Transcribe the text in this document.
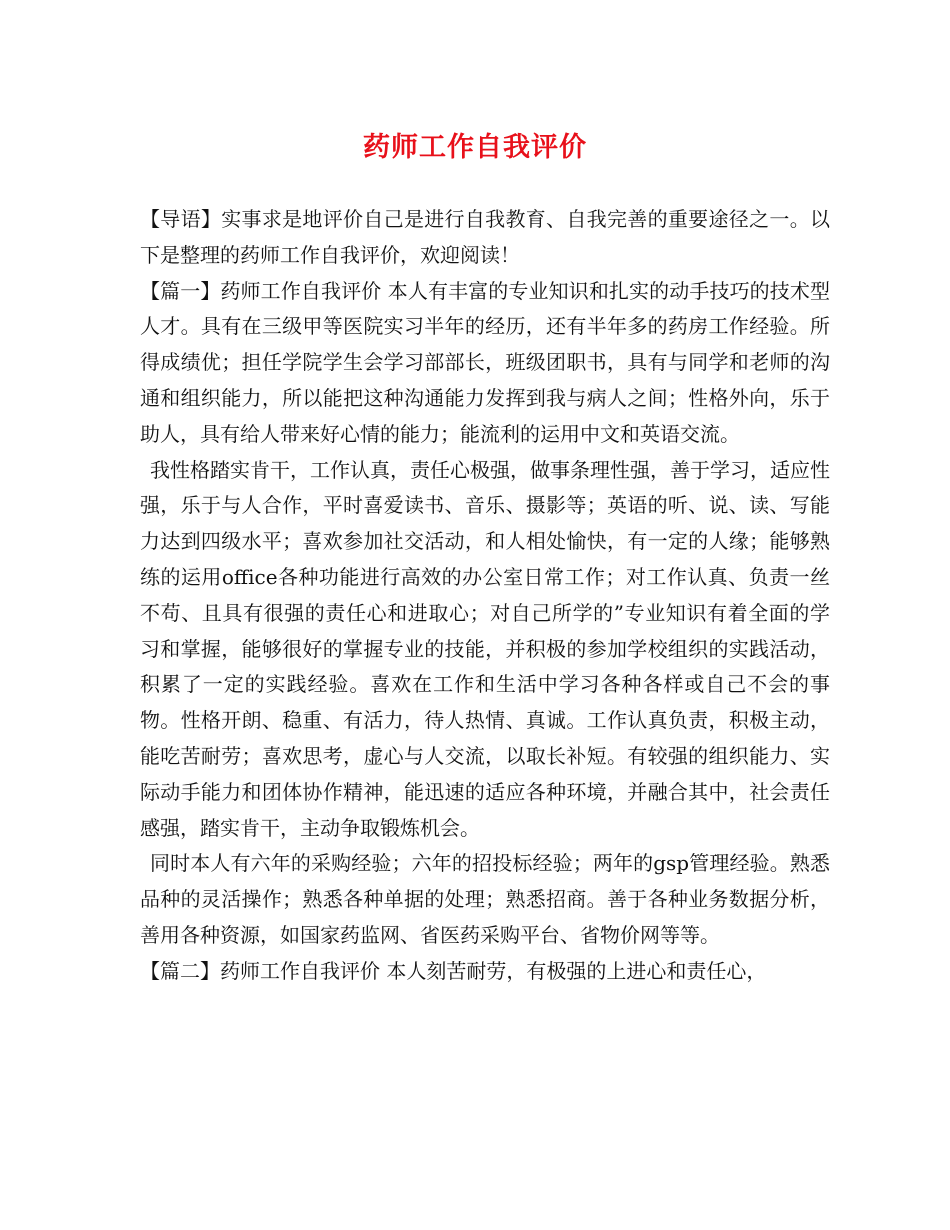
药师工作自我评价

【导语】实事求是地评价自己是进行自我教育、自我完善的重要途径之一。以下是整理的药师工作自我评价，欢迎阅读！

【篇一】药师工作自我评价 本人有丰富的专业知识和扎实的动手技巧的技术型人才。具有在三级甲等医院实习半年的经历，还有半年多的药房工作经验。所得成绩优；担任学院学生会学习部部长，班级团职书，具有与同学和老师的沟通和组织能力，所以能把这种沟通能力发挥到我与病人之间；性格外向，乐于助人，具有给人带来好心情的能力；能流利的运用中文和英语交流。

我性格踏实肯干，工作认真，责任心极强，做事条理性强，善于学习，适应性强，乐于与人合作，平时喜爱读书、音乐、摄影等；英语的听、说、读、写能力达到四级水平；喜欢参加社交活动，和人相处愉快，有一定的人缘；能够熟练的运用office各种功能进行高效的办公室日常工作；对工作认真、负责一丝不苟、且具有很强的责任心和进取心；对自己所学的”专业知识有着全面的学习和掌握，能够很好的掌握专业的技能，并积极的参加学校组织的实践活动，积累了一定的实践经验。喜欢在工作和生活中学习各种各样或自己不会的事物。性格开朗、稳重、有活力，待人热情、真诚。工作认真负责，积极主动，能吃苦耐劳；喜欢思考，虚心与人交流，以取长补短。有较强的组织能力、实际动手能力和团体协作精神，能迅速的适应各种环境，并融合其中，社会责任感强，踏实肯干，主动争取锻炼机会。

同时本人有六年的采购经验；六年的招投标经验；两年的gsp管理经验。熟悉品种的灵活操作；熟悉各种单据的处理；熟悉招商。善于各种业务数据分析，善用各种资源，如国家药监网、省医药采购平台、省物价网等等。

【篇二】药师工作自我评价 本人刻苦耐劳，有极强的上进心和责任心，
